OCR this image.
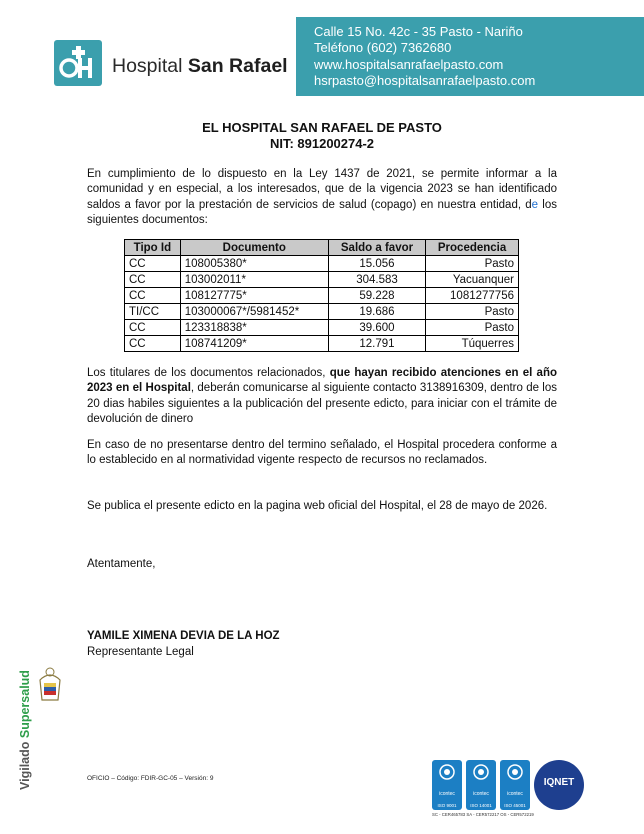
Hospital San Rafael
Calle 15 No. 42c - 35 Pasto - Nariño
Teléfono (602) 7362680
www.hospitalsanrafaelpasto.com
hsrpasto@hospitalsanrafaelpasto.com
EL HOSPITAL SAN RAFAEL DE PASTO
NIT: 891200274-2
En cumplimiento de lo dispuesto en la Ley 1437 de 2021, se permite informar a la comunidad y en especial, a los interesados, que de la vigencia 2023 se han identificado saldos a favor por la prestación de servicios de salud (copago) en nuestra entidad, de los siguientes documentos:
Tipo Id	Documento	Saldo a favor	Procedencia
CC	108005380*	15.056	Pasto
CC	103002011*	304.583	Yacuanquer
CC	108127775*	59.228	1081277756
TI/CC	103000067*/5981452*	19.686	Pasto
CC	123318838*	39.600	Pasto
CC	108741209*	12.791	Túquerres
Los titulares de los documentos relacionados, que hayan recibido atenciones en el año 2023 en el Hospital, deberán comunicarse al siguiente contacto 3138916309, dentro de los 20 dias habiles siguientes a la publicación del presente edicto, para iniciar con el trámite de devolución de dinero
En caso de no presentarse dentro del termino señalado, el Hospital procedera conforme a lo establecido en al normatividad vigente respecto de recursos no reclamados.
Se publica el presente edicto en la pagina web oficial del Hospital, el 28 de mayo de 2026.
Atentamente,
YAMILE XIMENA DEVIA DE LA HOZ
Representante Legal
Vigilado Supersalud
OFICIO – Código: FDIR-GC-05 – Versión: 9
icontec
ISO 9001
icontec
ISO 14001
icontec
ISO 45001
IQNET
SC - CER465783 SA - CER572217 OS - CER572219
